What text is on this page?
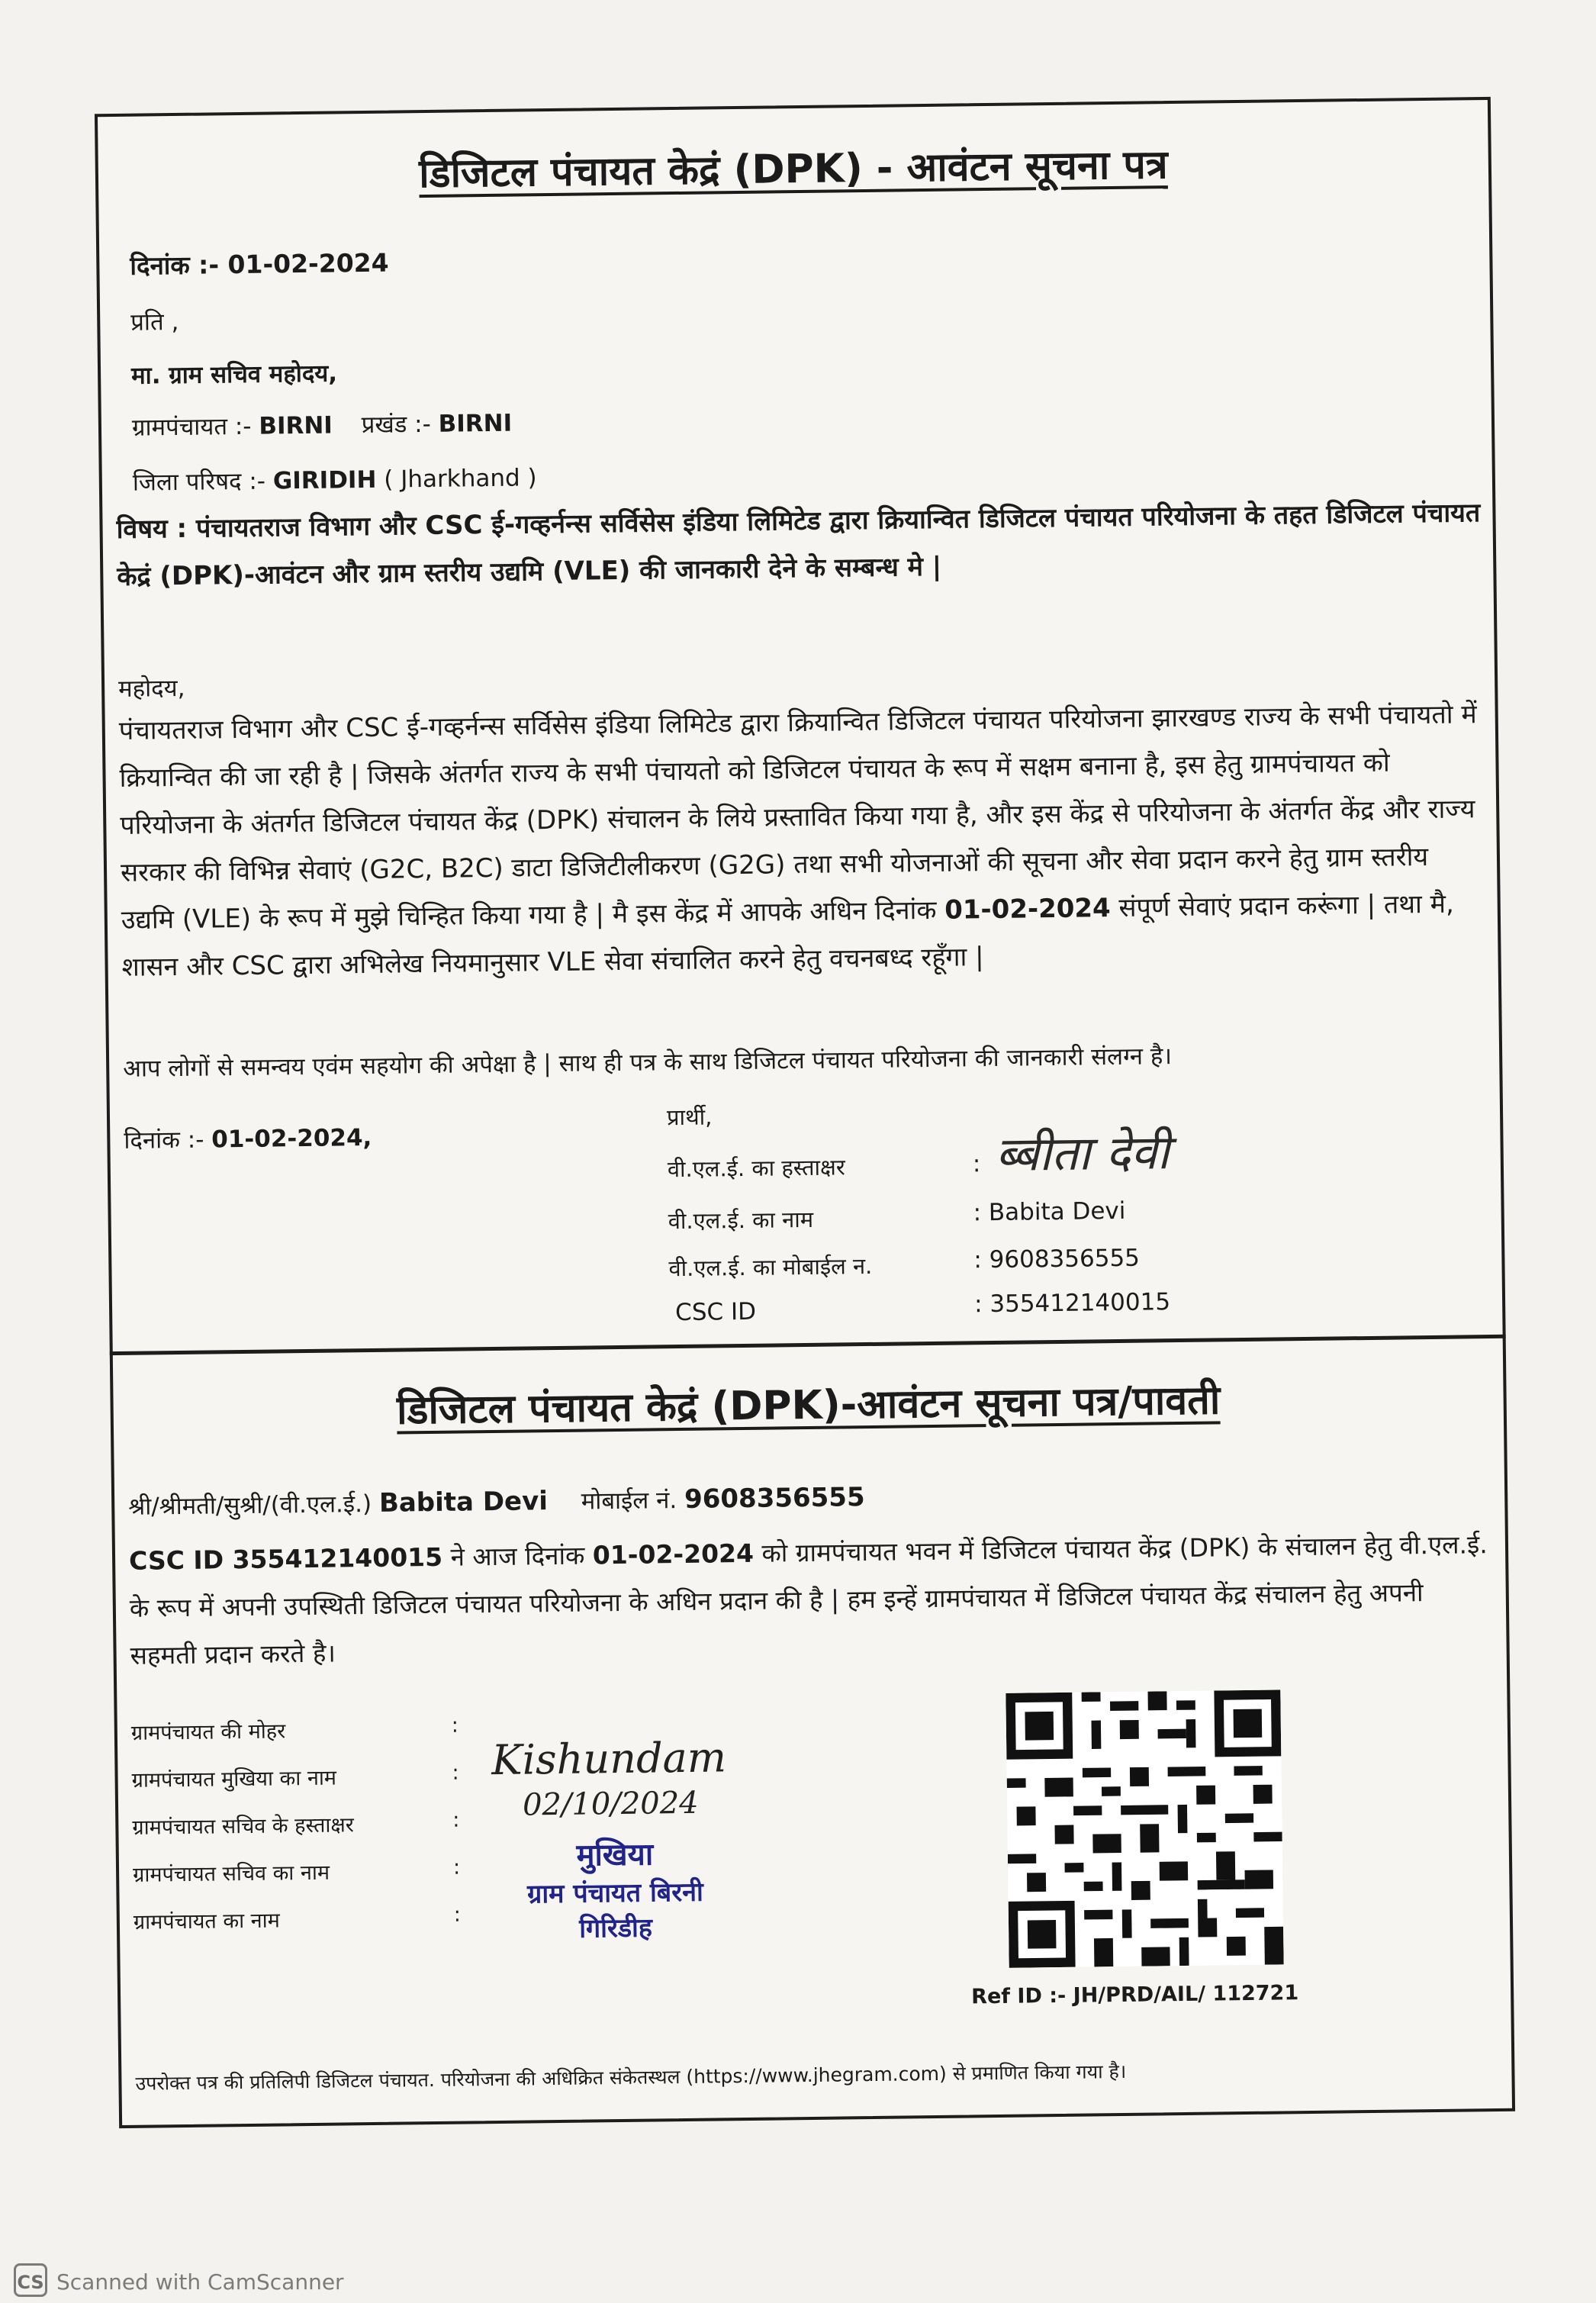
डिजिटल पंचायत केद्रं (DPK) - आवंटन सूचना पत्र
दिनांक :- 01-02-2024
प्रति ,
मा. ग्राम सचिव महोदय,
ग्रामपंचायत :- BIRNI प्रखंड :- BIRNI
जिला परिषद :- GIRIDIH ( Jharkhand )
विषय : पंचायतराज विभाग और CSC ई-गव्हर्नन्स सर्विसेस इंडिया लिमिटेड द्वारा क्रियान्वित डिजिटल पंचायत परियोजना के तहत डिजिटल पंचायत केद्रं (DPK)-आवंटन और ग्राम स्तरीय उद्यमि (VLE) की जानकारी देने के सम्बन्ध मे |
महोदय,
पंचायतराज विभाग और CSC ई-गव्हर्नन्स सर्विसेस इंडिया लिमिटेड द्वारा क्रियान्वित डिजिटल पंचायत परियोजना झारखण्ड राज्य के सभी पंचायतो में क्रियान्वित की जा रही है | जिसके अंतर्गत राज्य के सभी पंचायतो को डिजिटल पंचायत के रूप में सक्षम बनाना है, इस हेतु ग्रामपंचायत को परियोजना के अंतर्गत डिजिटल पंचायत केंद्र (DPK) संचालन के लिये प्रस्तावित किया गया है, और इस केंद्र से परियोजना के अंतर्गत केंद्र और राज्य सरकार की विभिन्न सेवाएं (G2C, B2C) डाटा डिजिटीलीकरण (G2G) तथा सभी योजनाओं की सूचना और सेवा प्रदान करने हेतु ग्राम स्तरीय उद्यमि (VLE) के रूप में मुझे चिन्हित किया गया है | मै इस केंद्र में आपके अधिन दिनांक 01-02-2024 संपूर्ण सेवाएं प्रदान करूंगा | तथा मै, शासन और CSC द्वारा अभिलेख नियमानुसार VLE सेवा संचालित करने हेतु वचनबध्द रहूँगा |
आप लोगों से समन्वय एवंम सहयोग की अपेक्षा है | साथ ही पत्र के साथ डिजिटल पंचायत परियोजना की जानकारी संलग्न है।
दिनांक :- 01-02-2024,
प्रार्थी,
वी.एल.ई. का हस्ताक्षर	: ब्बीता देवी
वी.एल.ई. का नाम	: Babita Devi
वी.एल.ई. का मोबाईल न.	: 9608356555
CSC ID	: 355412140015
डिजिटल पंचायत केद्रं (DPK)-आवंटन सूचना पत्र/पावती
श्री/श्रीमती/सुश्री/(वी.एल.ई.) Babita Devi मोबाईल नं. 9608356555
CSC ID 355412140015 ने आज दिनांक 01-02-2024 को ग्रामपंचायत भवन में डिजिटल पंचायत केंद्र (DPK) के संचालन हेतु वी.एल.ई. के रूप में अपनी उपस्थिती डिजिटल पंचायत परियोजना के अधिन प्रदान की है | हम इन्हें ग्रामपंचायत में डिजिटल पंचायत केंद्र संचालन हेतु अपनी सहमती प्रदान करते है।
ग्रामपंचायत की मोहर	:
ग्रामपंचायत मुखिया का नाम	:
ग्रामपंचायत सचिव के हस्ताक्षर	:
ग्रामपंचायत सचिव का नाम	:
ग्रामपंचायत का नाम	:
Kishundam
02/10/2024
मुखिया
ग्राम पंचायत बिरनी
गिरिडीह
Ref ID :- JH/PRD/AIL/ 112721
उपरोक्त पत्र की प्रतिलिपी डिजिटल पंचायत. परियोजना की अधिक्रित संकेतस्थल (https://www.jhegram.com) से प्रमाणित किया गया है।
CS Scanned with CamScanner
